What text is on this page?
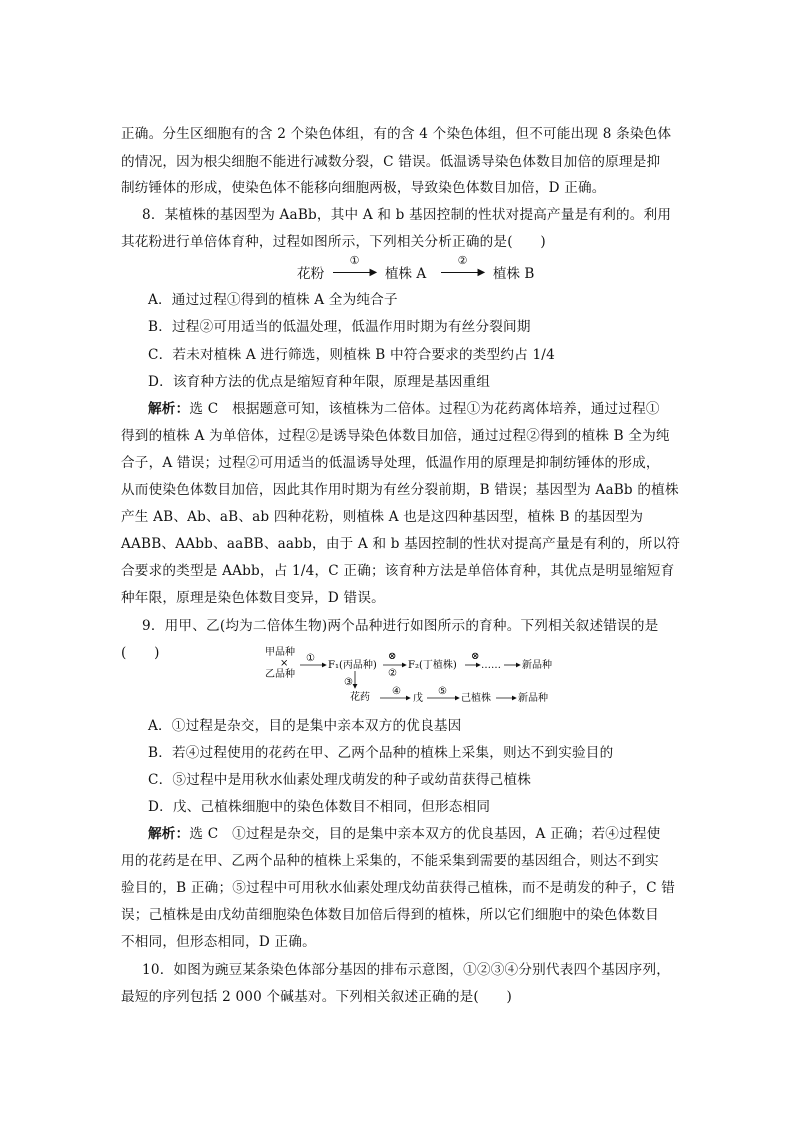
正确。分生区细胞有的含 2 个染色体组，有的含 4 个染色体组，但不可能出现 8 条染色体
的情况，因为根尖细胞不能进行减数分裂，C 错误。低温诱导染色体数目加倍的原理是抑
制纺锤体的形成，使染色体不能移向细胞两极，导致染色体数目加倍，D 正确。
8．某植株的基因型为 AaBb，其中 A 和 b 基因控制的性状对提高产量是有利的。利用
其花粉进行单倍体育种，过程如图所示，下列相关分析正确的是(　　)
花粉
①
▶ 植株 A
②
▶ 植株 B
A．通过过程①得到的植株 A 全为纯合子
B．过程②可用适当的低温处理，低温作用时期为有丝分裂间期
C．若未对植株 A 进行筛选，则植株 B 中符合要求的类型约占 1/4
D．该育种方法的优点是缩短育种年限，原理是基因重组
解析：选 C　根据题意可知，该植株为二倍体。过程①为花药离体培养，通过过程①
得到的植株 A 为单倍体，过程②是诱导染色体数目加倍，通过过程②得到的植株 B 全为纯
合子，A 错误；过程②可用适当的低温诱导处理，低温作用的原理是抑制纺锤体的形成，
从而使染色体数目加倍，因此其作用时期为有丝分裂前期，B 错误；基因型为 AaBb 的植株
产生 AB、Ab、aB、ab 四种花粉，则植株 A 也是这四种基因型，植株 B 的基因型为
AABB、AAbb、aaBB、aabb，由于 A 和 b 基因控制的性状对提高产量是有利的，所以符
合要求的类型是 AAbb，占 1/4，C 正确；该育种方法是单倍体育种，其优点是明显缩短育
种年限，原理是染色体数目变异，D 错误。
9．用甲、乙(均为二倍体生物)两个品种进行如图所示的育种。下列相关叙述错误的是
(　　)	甲品种
×
乙品种
①
F₁(丙品种)
⊗
②
F₂(丁植株)
⊗
…… 新品种
③
花药
④
戊
⑤
己植株	新品种
A．①过程是杂交，目的是集中亲本双方的优良基因
B．若④过程使用的花药在甲、乙两个品种的植株上采集，则达不到实验目的
C．⑤过程中是用秋水仙素处理戊萌发的种子或幼苗获得己植株
D．戊、己植株细胞中的染色体数目不相同，但形态相同
解析：选 C　①过程是杂交，目的是集中亲本双方的优良基因，A 正确；若④过程使
用的花药是在甲、乙两个品种的植株上采集的，不能采集到需要的基因组合，则达不到实
验目的，B 正确；⑤过程中可用秋水仙素处理戊幼苗获得己植株，而不是萌发的种子，C 错
误；己植株是由戊幼苗细胞染色体数目加倍后得到的植株，所以它们细胞中的染色体数目
不相同，但形态相同，D 正确。
10．如图为豌豆某条染色体部分基因的排布示意图，①②③④分别代表四个基因序列，
最短的序列包括 2 000 个碱基对。下列相关叙述正确的是(　　)
